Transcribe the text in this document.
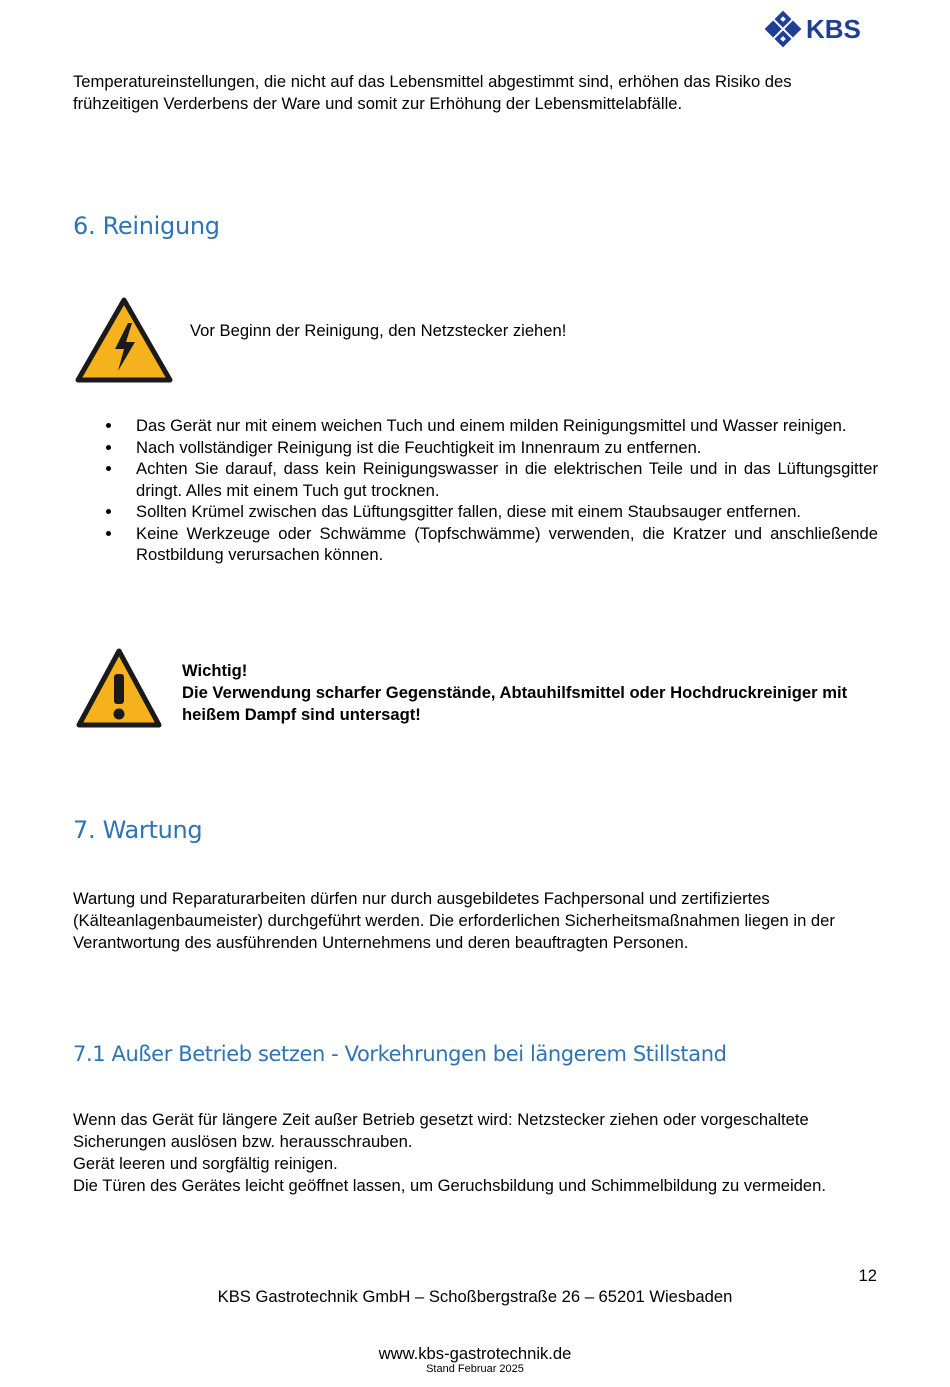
KBS
Temperatureinstellungen, die nicht auf das Lebensmittel abgestimmt sind, erhöhen das Risiko des frühzeitigen Verderbens der Ware und somit zur Erhöhung der Lebensmittelabfälle.
6. Reinigung
Vor Beginn der Reinigung, den Netzstecker ziehen!
Das Gerät nur mit einem weichen Tuch und einem milden Reinigungsmittel und Wasser reinigen.
Nach vollständiger Reinigung ist die Feuchtigkeit im Innenraum zu entfernen.
Achten Sie darauf, dass kein Reinigungswasser in die elektrischen Teile und in das Lüftungsgitter dringt. Alles mit einem Tuch gut trocknen.
Sollten Krümel zwischen das Lüftungsgitter fallen, diese mit einem Staubsauger entfernen.
Keine Werkzeuge oder Schwämme (Topfschwämme) verwenden, die Kratzer und anschließende Rostbildung verursachen können.
Wichtig!
Die Verwendung scharfer Gegenstände, Abtauhilfsmittel oder Hochdruckreiniger mit heißem Dampf sind untersagt!
7. Wartung
Wartung und Reparaturarbeiten dürfen nur durch ausgebildetes Fachpersonal und zertifiziertes (Kälteanlagenbaumeister) durchgeführt werden. Die erforderlichen Sicherheitsmaßnahmen liegen in der Verantwortung des ausführenden Unternehmens und deren beauftragten Personen.
7.1 Außer Betrieb setzen - Vorkehrungen bei längerem Stillstand
Wenn das Gerät für längere Zeit außer Betrieb gesetzt wird: Netzstecker ziehen oder vorgeschaltete Sicherungen auslösen bzw. herausschrauben.
Gerät leeren und sorgfältig reinigen.
Die Türen des Gerätes leicht geöffnet lassen, um Geruchsbildung und Schimmelbildung zu vermeiden.
12
KBS Gastrotechnik GmbH – Schoßbergstraße 26 – 65201 Wiesbaden
www.kbs-gastrotechnik.de
Stand Februar 2025
